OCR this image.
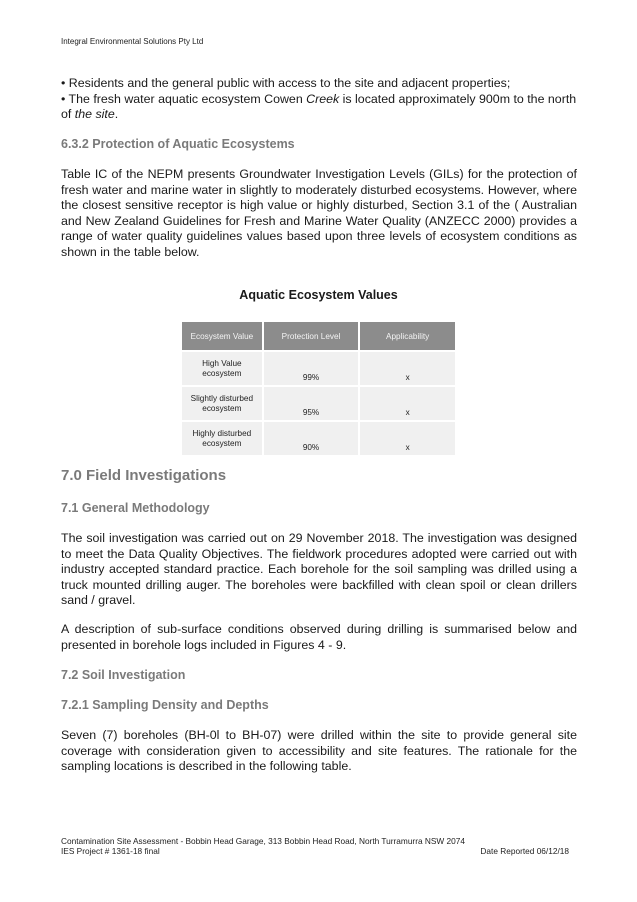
Integral Environmental Solutions Pty Ltd
• Residents and the general public with access to the site and adjacent properties;
• The fresh water aquatic ecosystem Cowen Creek is located approximately 900m to the north of the site.
6.3.2 Protection of Aquatic Ecosystems
Table IC of the NEPM presents Groundwater Investigation Levels (GILs) for the protection of fresh water and marine water in slightly to moderately disturbed ecosystems. However, where the closest sensitive receptor is high value or highly disturbed, Section 3.1 of the ( Australian and New Zealand Guidelines for Fresh and Marine Water Quality (ANZECC 2000) provides a range of water quality guidelines values based upon three levels of ecosystem conditions as shown in the table below.
Aquatic Ecosystem Values
Ecosystem Value	Protection Level	Applicability
High Value
ecosystem	99%	x
Slightly disturbed
ecosystem	95%	x
Highly disturbed
ecosystem	90%	x
7.0 Field Investigations
7.1 General Methodology
The soil investigation was carried out on 29 November 2018. The investigation was designed to meet the Data Quality Objectives. The fieldwork procedures adopted were carried out with industry accepted standard practice. Each borehole for the soil sampling was drilled using a truck mounted drilling auger. The boreholes were backfilled with clean spoil or clean drillers sand / gravel.
A description of sub-surface conditions observed during drilling is summarised below and presented in borehole logs included in Figures 4 - 9.
7.2 Soil Investigation
7.2.1 Sampling Density and Depths
Seven (7) boreholes (BH-0l to BH-07) were drilled within the site to provide general site coverage with consideration given to accessibility and site features. The rationale for the sampling locations is described in the following table.
Contamination Site Assessment - Bobbin Head Garage, 313 Bobbin Head Road, North Turramurra NSW 2074
IES Project # 1361-18 final	Date Reported 06/12/18
